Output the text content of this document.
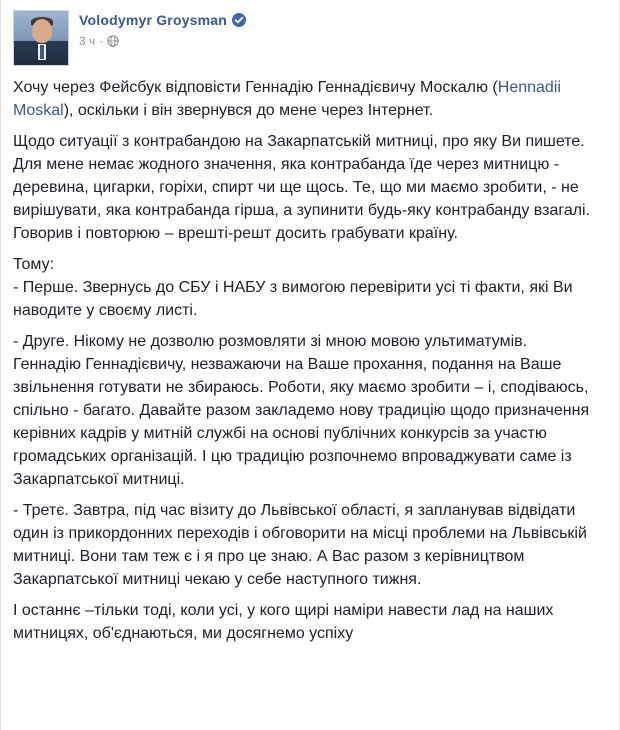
Volodymyr Groysman
3 ч ·

Хочу через Фейсбук відповісти Геннадію Геннадієвичу Москалю (Hennadii Moskal), оскільки і він звернувся до мене через Інтернет.

Щодо ситуації з контрабандою на Закарпатській митниці, про яку Ви пишете. Для мене немає жодного значення, яка контрабанда їде через митницю - деревина, цигарки, горіхи, спирт чи ще щось. Те, що ми маємо зробити, - не вирішувати, яка контрабанда гірша, а зупинити будь-яку контрабанду взагалі. Говорив і повторюю – врешті-решт досить грабувати країну.

Тому:
- Перше. Звернусь до СБУ і НАБУ з вимогою перевірити усі ті факти, які Ви наводите у своєму листі.

- Друге. Нікому не дозволю розмовляти зі мною мовою ультиматумів. Геннадію Геннадієвичу, незважаючи на Ваше прохання, подання на Ваше звільнення готувати не збираюсь. Роботи, яку маємо зробити – і, сподіваюсь, спільно - багато. Давайте разом закладемо нову традицію щодо призначення керівних кадрів у митній службі на основі публічних конкурсів за участю громадських організацій. І цю традицію розпочнемо впроваджувати саме із Закарпатської митниці.

- Третє. Завтра, під час візиту до Львівської області, я запланував відвідати один із прикордонних переходів і обговорити на місці проблеми на Львівській митниці. Вони там теж є і я про це знаю. А Вас разом з керівництвом Закарпатської митниці чекаю у себе наступного тижня.

І останнє –тільки тоді, коли усі, у кого щирі наміри навести лад на наших митницях, об'єднаються, ми досягнемо успіху
